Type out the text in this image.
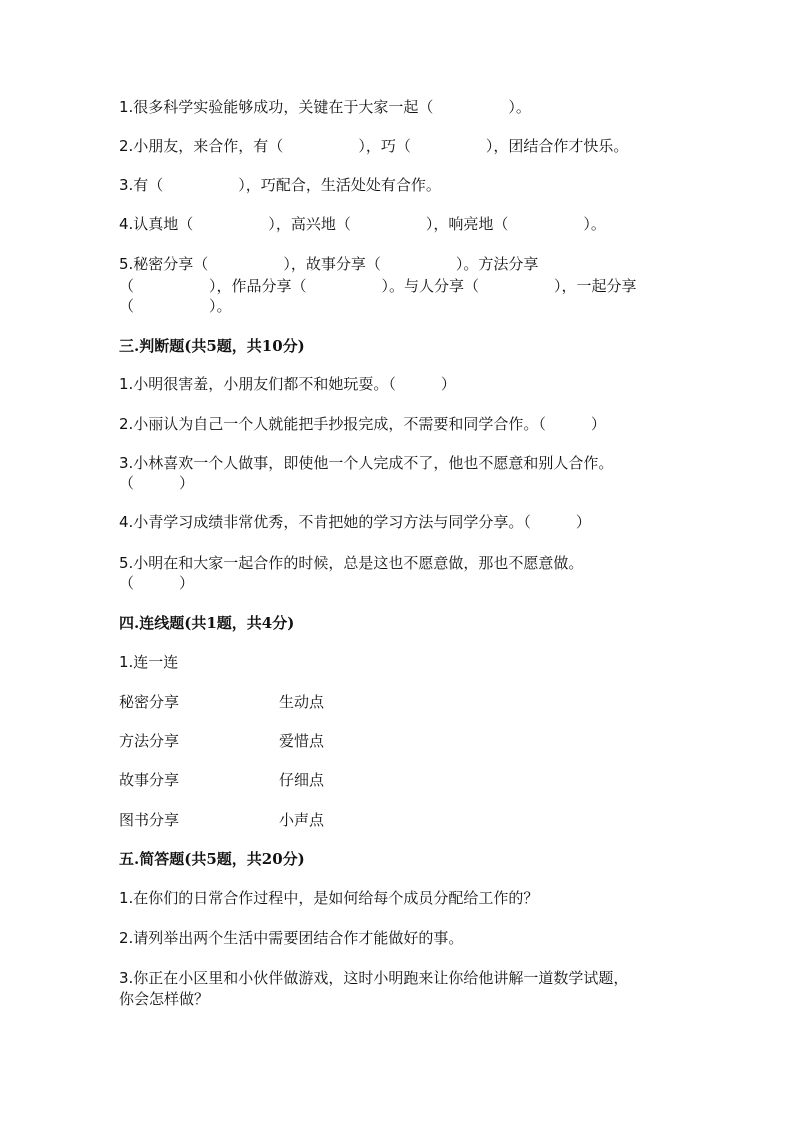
1.很多科学实验能够成功，关键在于大家一起（　　　　　）。
2.小朋友，来合作，有（　　　　　），巧（　　　　　），团结合作才快乐。
3.有（　　　　　），巧配合，生活处处有合作。
4.认真地（　　　　　），高兴地（　　　　　），响亮地（　　　　　）。
5.秘密分享（　　　　　），故事分享（　　　　　）。方法分享
（　　　　　），作品分享（　　　　　）。与人分享（　　　　　），一起分享
（　　　　　）。
三.判断题(共5题，共10分)
1.小明很害羞，小朋友们都不和她玩耍。（　　　）
2.小丽认为自己一个人就能把手抄报完成，不需要和同学合作。（　　　）
3.小林喜欢一个人做事，即使他一个人完成不了，他也不愿意和别人合作。
（　　　）
4.小青学习成绩非常优秀，不肯把她的学习方法与同学分享。（　　　）
5.小明在和大家一起合作的时候，总是这也不愿意做，那也不愿意做。
（　　　）
四.连线题(共1题，共4分)
1.连一连
秘密分享	生动点
方法分享	爱惜点
故事分享	仔细点
图书分享	小声点
五.简答题(共5题，共20分)
1.在你们的日常合作过程中，是如何给每个成员分配给工作的？
2.请列举出两个生活中需要团结合作才能做好的事。
3.你正在小区里和小伙伴做游戏，这时小明跑来让你给他讲解一道数学试题，
你会怎样做？
